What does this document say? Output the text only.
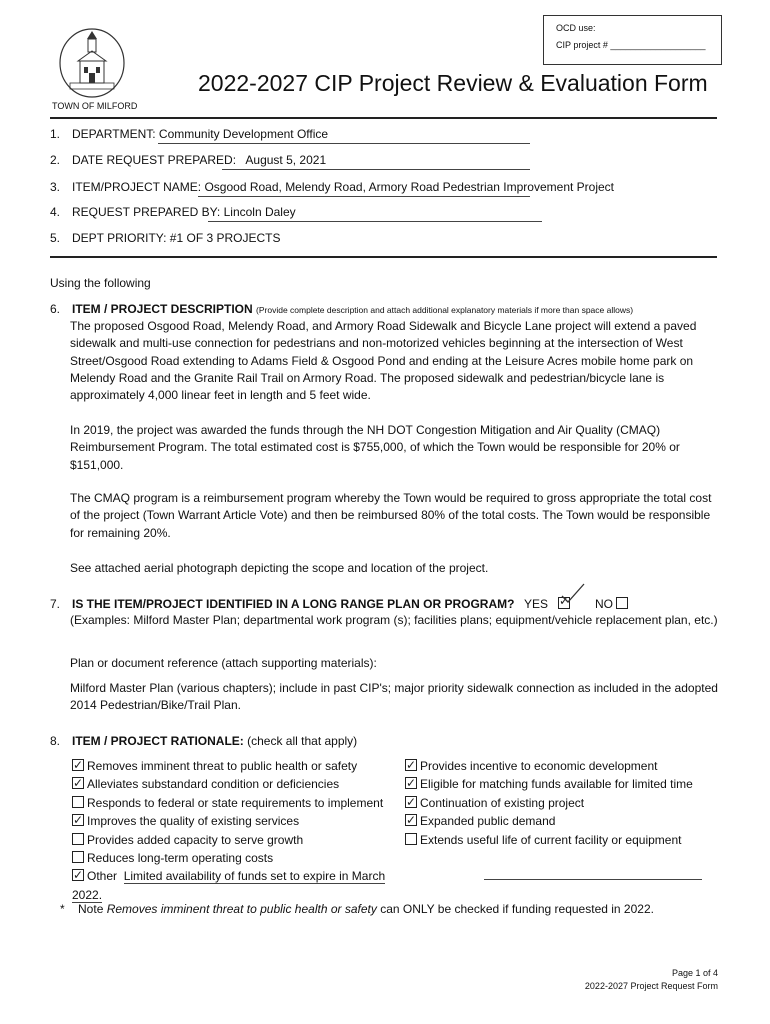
OCD use:
CIP project # ___________________
TOWN OF MILFORD
2022-2027 CIP Project Review & Evaluation Form
1. DEPARTMENT: Community Development Office
2. DATE REQUEST PREPARED: August 5, 2021
3. ITEM/PROJECT NAME: Osgood Road, Melendy Road, Armory Road Pedestrian Improvement Project
4. REQUEST PREPARED BY: Lincoln Daley
5. DEPT PRIORITY: #1 OF 3 PROJECTS
Using the following
6. ITEM / PROJECT DESCRIPTION (Provide complete description and attach additional explanatory materials if more than space allows)

The proposed Osgood Road, Melendy Road, and Armory Road Sidewalk and Bicycle Lane project will extend a paved sidewalk and multi-use connection for pedestrians and non-motorized vehicles beginning at the intersection of West Street/Osgood Road extending to Adams Field & Osgood Pond and ending at the Leisure Acres mobile home park on Melendy Road and the Granite Rail Trail on Armory Road. The proposed sidewalk and pedestrian/bicycle lane is approximately 4,000 linear feet in length and 5 feet wide.

In 2019, the project was awarded the funds through the NH DOT Congestion Mitigation and Air Quality (CMAQ) Reimbursement Program. The total estimated cost is $755,000, of which the Town would be responsible for 20% or $151,000.

The CMAQ program is a reimbursement program whereby the Town would be required to gross appropriate the total cost of the project (Town Warrant Article Vote) and then be reimbursed 80% of the total costs. The Town would be responsible for remaining 20%.

See attached aerial photograph depicting the scope and location of the project.

7. IS THE ITEM/PROJECT IDENTIFIED IN A LONG RANGE PLAN OR PROGRAM? YES   ✓	NO
(Examples: Milford Master Plan; departmental work program (s); facilities plans; equipment/vehicle replacement plan, etc.)
Plan or document reference (attach supporting materials):
Milford Master Plan (various chapters); include in past CIP's; major priority sidewalk connection as included in the adopted 2014 Pedestrian/Bike/Trail Plan.
8. ITEM / PROJECT RATIONALE: (check all that apply)
✓Removes imminent threat to public health or safety
✓Alleviates substandard condition or deficiencies
Responds to federal or state requirements to implement
✓Improves the quality of existing services
Provides added capacity to serve growth
Reduces long-term operating costs
✓Other Limited availability of funds set to expire in March 2022.
✓Provides incentive to economic development
✓Eligible for matching funds available for limited time
✓Continuation of existing project
✓Expanded public demand
Extends useful life of current facility or equipment
* Note Removes imminent threat to public health or safety can ONLY be checked if funding requested in 2022.
Page 1 of 4
2022-2027 Project Request Form
